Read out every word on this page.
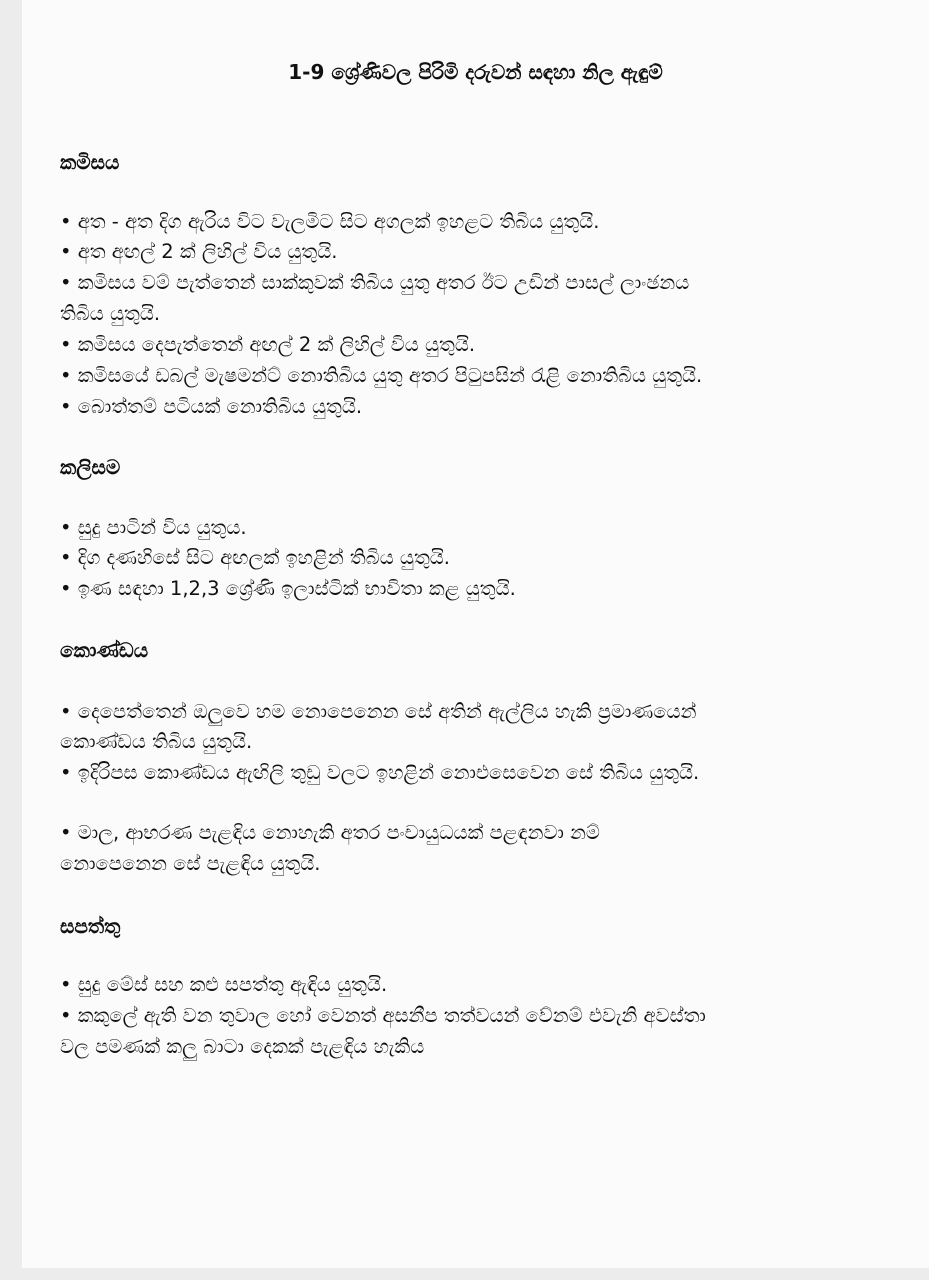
1-9 ශ්‍රේණිවල පිරිමි දරුවන් සඳහා නිල ඇඳුම්
කමිසය
• අත - අත දිග ඇරිය විට වැලමිට සිට අගලක් ඉහළට තිබිය යුතුයි.
• අත අඟල් 2 ක් ලිහිල් විය යුතුයි.
• කමිසය වම් පැත්තෙන් සාක්කුවක් තිබිය යුතු අතර ඊට උඩින් පාසල් ලාංඡනය
තිබිය යුතුයි.
• කමිසය දෙපැත්තෙන් අඟල් 2 ක් ලිහිල් විය යුතුයි.
• කමිසයේ ඩබල් මැෂමන්ට් නොතිබිය යුතු අතර පිටුපසින් රැළි නොතිබිය යුතුයි.
• බොත්තම් පටියක් නොතිබිය යුතුයි.
කලිසම
• සුදු පාටින් විය යුතුය.
• දිග දණහිසේ සිට අඟලක් ඉහළින් තිබිය යුතුයි.
• ඉණ සඳහා 1,2,3 ශ්‍රේණි ඉලාස්ටික් භාවිතා කළ යුතුයි.
කොණ්ඩය
• දෙපෙත්තෙන් ඔලුවෙ හම නොපෙනෙන සේ අතින් ඇල්ලිය හැකි ප්‍රමාණයෙන්
කොණ්ඩය තිබිය යුතුයි.
• ඉදිරිපස කොණ්ඩය ඇඟිලි තුඩු වලට ඉහළින් නොඑසෙවෙන සේ තිබිය යුතුයි.
• මාල, ආභරණ පැළඳිය නොහැකි අතර පංචායුධයක් පළඳනවා නම්
නොපෙනෙන සේ පැළඳිය යුතුයි.
සපත්තු
• සුදු මේස් සහ කළු සපත්තු ඇඳිය යුතුයි.
• කකුලේ ඇති වන තුවාල හෝ වෙනත් අසනීප තත්වයන් වේනම් එවැනි අවස්තා
වල පමණක් කලු බාටා දෙකක් පැළඳිය හැකිය
